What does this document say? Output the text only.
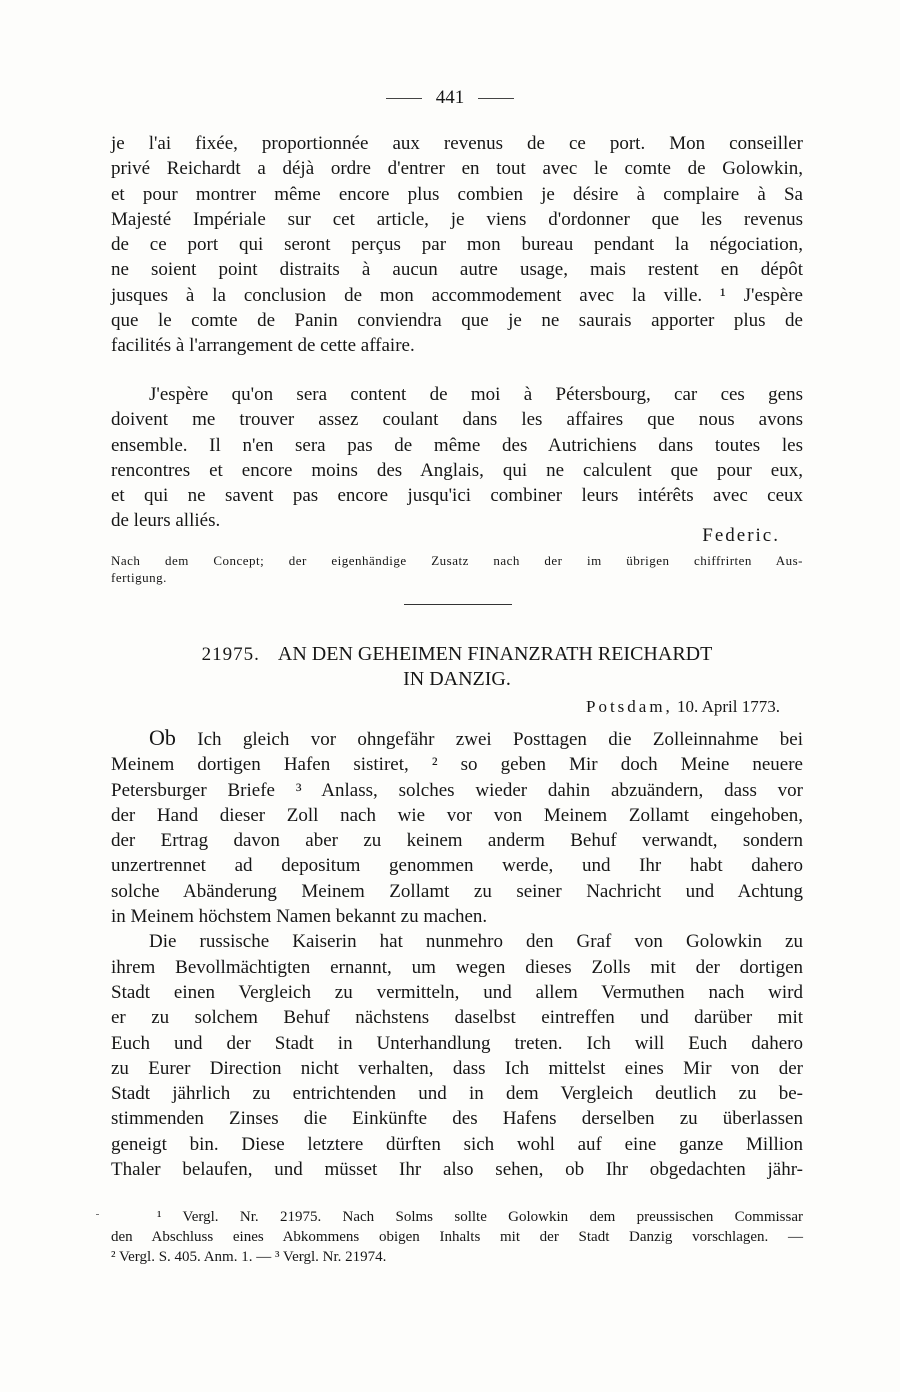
441
je l'ai fixée, proportionnée aux revenus de ce port. Mon conseiller
privé Reichardt a déjà ordre d'entrer en tout avec le comte de Golowkin,
et pour montrer même encore plus combien je désire à complaire à Sa
Majesté Impériale sur cet article, je viens d'ordonner que les revenus
de ce port qui seront perçus par mon bureau pendant la négociation,
ne soient point distraits à aucun autre usage, mais restent en dépôt
jusques à la conclusion de mon accommodement avec la ville. ¹ J'espère
que le comte de Panin conviendra que je ne saurais apporter plus de
facilités à l'arrangement de cette affaire.
J'espère qu'on sera content de moi à Pétersbourg, car ces gens
doivent me trouver assez coulant dans les affaires que nous avons
ensemble. Il n'en sera pas de même des Autrichiens dans toutes les
rencontres et encore moins des Anglais, qui ne calculent que pour eux,
et qui ne savent pas encore jusqu'ici combiner leurs intérêts avec ceux
de leurs alliés.
Federic.
Nach dem Concept; der eigenhändige Zusatz nach der im übrigen chiffrirten Aus-
fertigung.
21975. AN DEN GEHEIMEN FINANZRATH REICHARDT
IN DANZIG.
Potsdam, 10. April 1773.
Ob Ich gleich vor ohngefähr zwei Posttagen die Zolleinnahme bei
Meinem dortigen Hafen sistiret, ² so geben Mir doch Meine neuere
Petersburger Briefe ³ Anlass, solches wieder dahin abzuändern, dass vor
der Hand dieser Zoll nach wie vor von Meinem Zollamt eingehoben,
der Ertrag davon aber zu keinem anderm Behuf verwandt, sondern
unzertrennet ad depositum genommen werde, und Ihr habt dahero
solche Abänderung Meinem Zollamt zu seiner Nachricht und Achtung
in Meinem höchstem Namen bekannt zu machen.
Die russische Kaiserin hat nunmehro den Graf von Golowkin zu
ihrem Bevollmächtigten ernannt, um wegen dieses Zolls mit der dortigen
Stadt einen Vergleich zu vermitteln, und allem Vermuthen nach wird
er zu solchem Behuf nächstens daselbst eintreffen und darüber mit
Euch und der Stadt in Unterhandlung treten. Ich will Euch dahero
zu Eurer Direction nicht verhalten, dass Ich mittelst eines Mir von der
Stadt jährlich zu entrichtenden und in dem Vergleich deutlich zu be-
stimmenden Zinses die Einkünfte des Hafens derselben zu überlassen
geneigt bin. Diese letztere dürften sich wohl auf eine ganze Million
Thaler belaufen, und müsset Ihr also sehen, ob Ihr obgedachten jähr-
¹ Vergl. Nr. 21975. Nach Solms sollte Golowkin dem preussischen Commissar
den Abschluss eines Abkommens obigen Inhalts mit der Stadt Danzig vorschlagen. —
² Vergl. S. 405. Anm. 1. — ³ Vergl. Nr. 21974.
